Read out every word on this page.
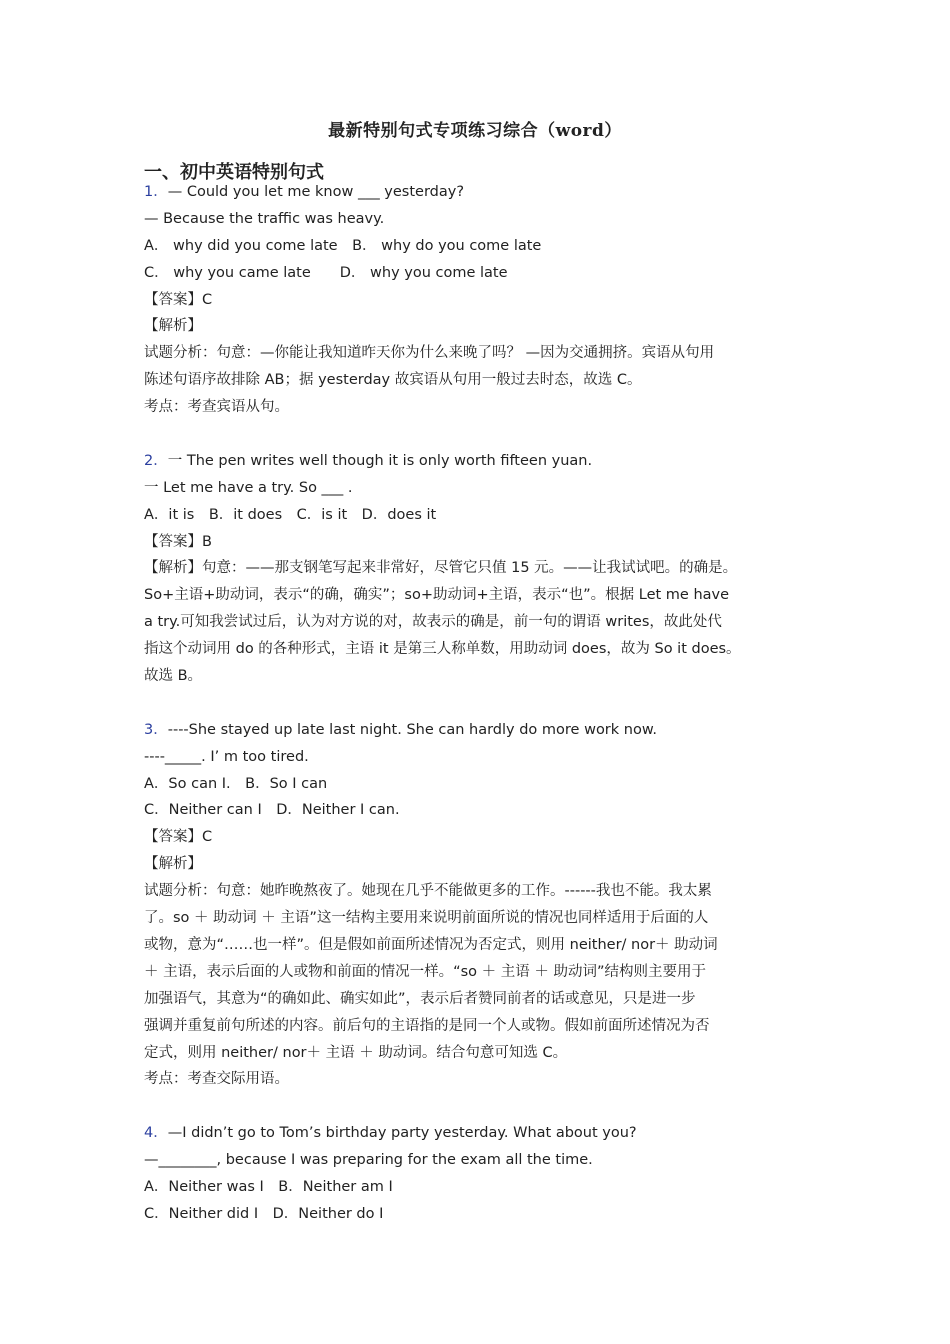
最新特别句式专项练习综合（word）
一、初中英语特别句式
1．— Could you let me know ___ yesterday?
— Because the traffic was heavy.
A． why did you come late　B． why do you come late
C． why you came late　　D． why you come late
【答案】C
【解析】
试题分析：句意：—你能让我知道昨天你为什么来晚了吗？ —因为交通拥挤。宾语从句用
陈述句语序故排除 AB；据 yesterday 故宾语从句用一般过去时态，故选 C。
考点：考查宾语从句。
2．一 The pen writes well though it is only worth fifteen yuan.
一 Let me have a try. So ___ .
A．it is　B．it does　C．is it　D．does it
【答案】B
【解析】句意：——那支钢笔写起来非常好，尽管它只值 15 元。——让我试试吧。的确是。
So+主语+助动词，表示“的确，确实”；so+助动词+主语，表示“也”。根据 Let me have
a try.可知我尝试过后，认为对方说的对，故表示的确是，前一句的谓语 writes，故此处代
指这个动词用 do 的各种形式，主语 it 是第三人称单数，用助动词 does，故为 So it does。
故选 B。
3．----She stayed up late last night. She can hardly do more work now.
----_____. I’ m too tired.
A．So can I.　B．So I can
C．Neither can I　D．Neither I can.
【答案】C
【解析】
试题分析：句意：她昨晚熬夜了。她现在几乎不能做更多的工作。------我也不能。我太累
了。so ＋ 助动词 ＋ 主语”这一结构主要用来说明前面所说的情况也同样适用于后面的人
或物，意为“……也一样”。但是假如前面所述情况为否定式，则用 neither/ nor＋ 助动词
＋ 主语，表示后面的人或物和前面的情况一样。“so ＋ 主语 ＋ 助动词”结构则主要用于
加强语气，其意为“的确如此、确实如此”，表示后者赞同前者的话或意见，只是进一步
强调并重复前句所述的内容。前后句的主语指的是同一个人或物。假如前面所述情况为否
定式，则用 neither/ nor＋ 主语 ＋ 助动词。结合句意可知选 C。
考点：考查交际用语。
4．—I didn’t go to Tom’s birthday party yesterday. What about you?
—________, because I was preparing for the exam all the time.
A．Neither was I　B．Neither am I
C．Neither did I　D．Neither do I
